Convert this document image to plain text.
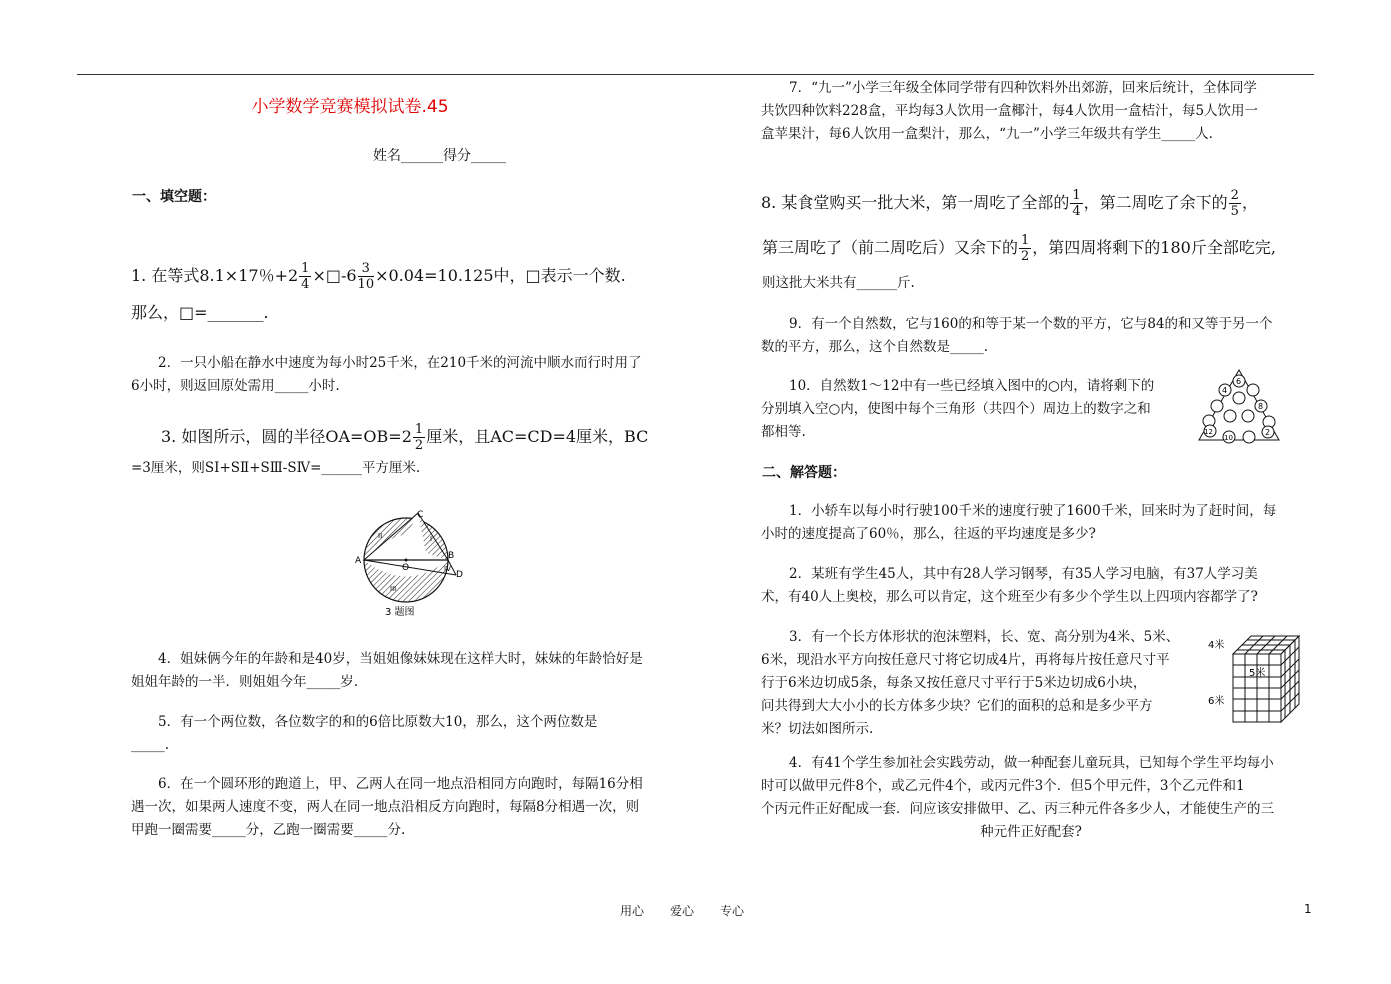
小学数学竞赛模拟试卷.45
姓名______得分_____
一、填空题：
1. 在等式8.1×17％$+2 \frac{1}{4}$ ×□-6 $\frac{3}{10} \times 0.04=10.125$中，□表示一个数.
那么，□=_______.
2．一只小船在静水中速度为每小时25千米，在210千米的河流中顺水而行时用了
6小时，则返回原处需用_____小时.
3. 如图所示，圆的半径$OA=OB=2 \frac{1}{2}$ 厘米，且AC=CD=4厘米，BC
=3厘米，则SⅠ+SⅡ+SⅢ-SⅣ=______平方厘米.
A	B
C
D
O
I
II
III
IV
3 题图
4．姐妹俩今年的年龄和是40岁，当姐姐像妹妹现在这样大时，妹妹的年龄恰好是
姐姐年龄的一半．则姐姐今年_____岁.
5．有一个两位数，各位数字的和的6倍比原数大10，那么，这个两位数是
_____.
6．在一个圆环形的跑道上，甲、乙两人在同一地点沿相同方向跑时，每隔16分相
遇一次，如果两人速度不变，两人在同一地点沿相反方向跑时，每隔8分相遇一次，则
甲跑一圈需要_____分，乙跑一圈需要_____分.
7．“九一”小学三年级全体同学带有四种饮料外出郊游，回来后统计，全体同学
共饮四种饮料228盒，平均每3人饮用一盒椰汁，每4人饮用一盒桔汁，每5人饮用一
盒苹果汁，每6人饮用一盒梨汁，那么，“九一”小学三年级共有学生_____人.
8. 某食堂购买一批大米，第一周吃了全部的 $\frac{1}{4}$ ，第二周吃了余下的 $\frac{2}{5}$ ，
第三周吃了（前二周吃后）又余下的 $\frac{1}{2}$ ，第四周将剩下的180斤全部吃完,
则这批大米共有______斤.
9．有一个自然数，它与160的和等于某一个数的平方，它与84的和又等于另一个
数的平方，那么，这个自然数是_____.
10．自然数1～12中有一些已经填入图中的○内，请将剩下的
分别填入空○内，使图中每个三角形（共四个）周边上的数字之和
都相等.
6
4
8
12
10
2
二、解答题：
1．小轿车以每小时行驶100千米的速度行驶了1600千米，回来时为了赶时间，每
小时的速度提高了60％，那么，往返的平均速度是多少?
2．某班有学生45人，其中有28人学习钢琴，有35人学习电脑，有37人学习美
术，有40人上奥校，那么可以肯定，这个班至少有多少个学生以上四项内容都学了?
3．有一个长方体形状的泡沫塑料，长、宽、高分别为4米、5米、
6米，现沿水平方向按任意尺寸将它切成4片，再将每片按任意尺寸平
行于6米边切成5条，每条又按任意尺寸平行于5米边切成6小块，
问共得到大大小小的长方体多少块？它们的面积的总和是多少平方
米？切法如图所示.
4米
5米
6米
4．有41个学生参加社会实践劳动，做一种配套儿童玩具，已知每个学生平均每小
时可以做甲元件8个，或乙元件4个，或丙元件3个．但5个甲元件，3个乙元件和1
个丙元件正好配成一套．问应该安排做甲、乙、丙三种元件各多少人，才能使生产的三
种元件正好配套?
用心 爱心 专心	1
